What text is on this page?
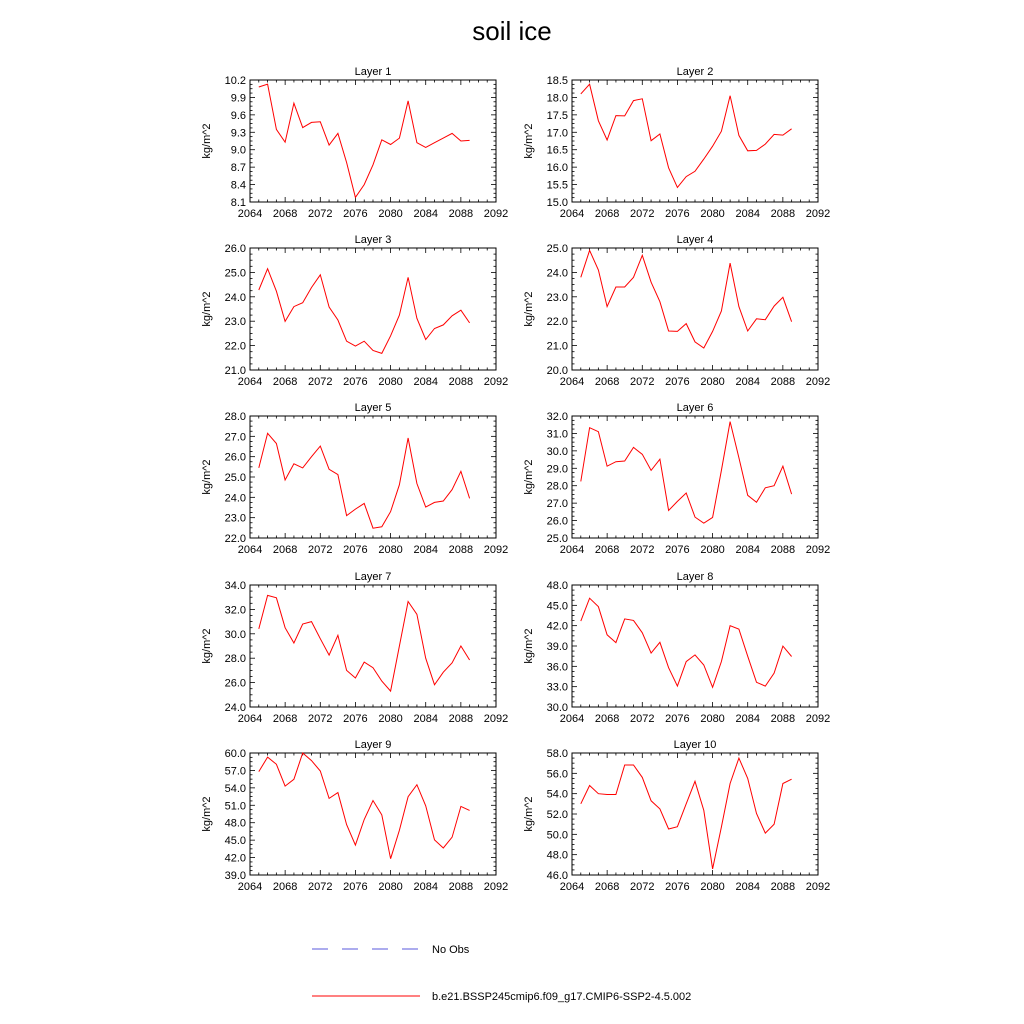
soil ice
Layer 1
2064 2068 2072 2076 2080 2084 2088 2092
8.1
8.4
8.7
9.0
9.3
9.6
9.9
10.2
kg/m^2
Layer 2
2064 2068 2072 2076 2080 2084 2088 2092
15.0
15.5
16.0
16.5
17.0
17.5
18.0
18.5
kg/m^2
Layer 3
2064 2068 2072 2076 2080 2084 2088 2092
21.0
22.0
23.0
24.0
25.0
26.0
kg/m^2
Layer 4
2064 2068 2072 2076 2080 2084 2088 2092
20.0
21.0
22.0
23.0
24.0
25.0
kg/m^2
Layer 5
2064 2068 2072 2076 2080 2084 2088 2092
22.0
23.0
24.0
25.0
26.0
27.0
28.0
kg/m^2
Layer 6
2064 2068 2072 2076 2080 2084 2088 2092
25.0
26.0
27.0
28.0
29.0
30.0
31.0
32.0
kg/m^2
Layer 7
2064 2068 2072 2076 2080 2084 2088 2092
24.0
26.0
28.0
30.0
32.0
34.0
kg/m^2
Layer 8
2064 2068 2072 2076 2080 2084 2088 2092
30.0
33.0
36.0
39.0
42.0
45.0
48.0
kg/m^2
Layer 9
2064 2068 2072 2076 2080 2084 2088 2092
39.0
42.0
45.0
48.0
51.0
54.0
57.0
60.0
kg/m^2
Layer 10
2064 2068 2072 2076 2080 2084 2088 2092
46.0
48.0
50.0
52.0
54.0
56.0
58.0
kg/m^2
No Obs
b.e21.BSSP245cmip6.f09_g17.CMIP6-SSP2-4.5.002
